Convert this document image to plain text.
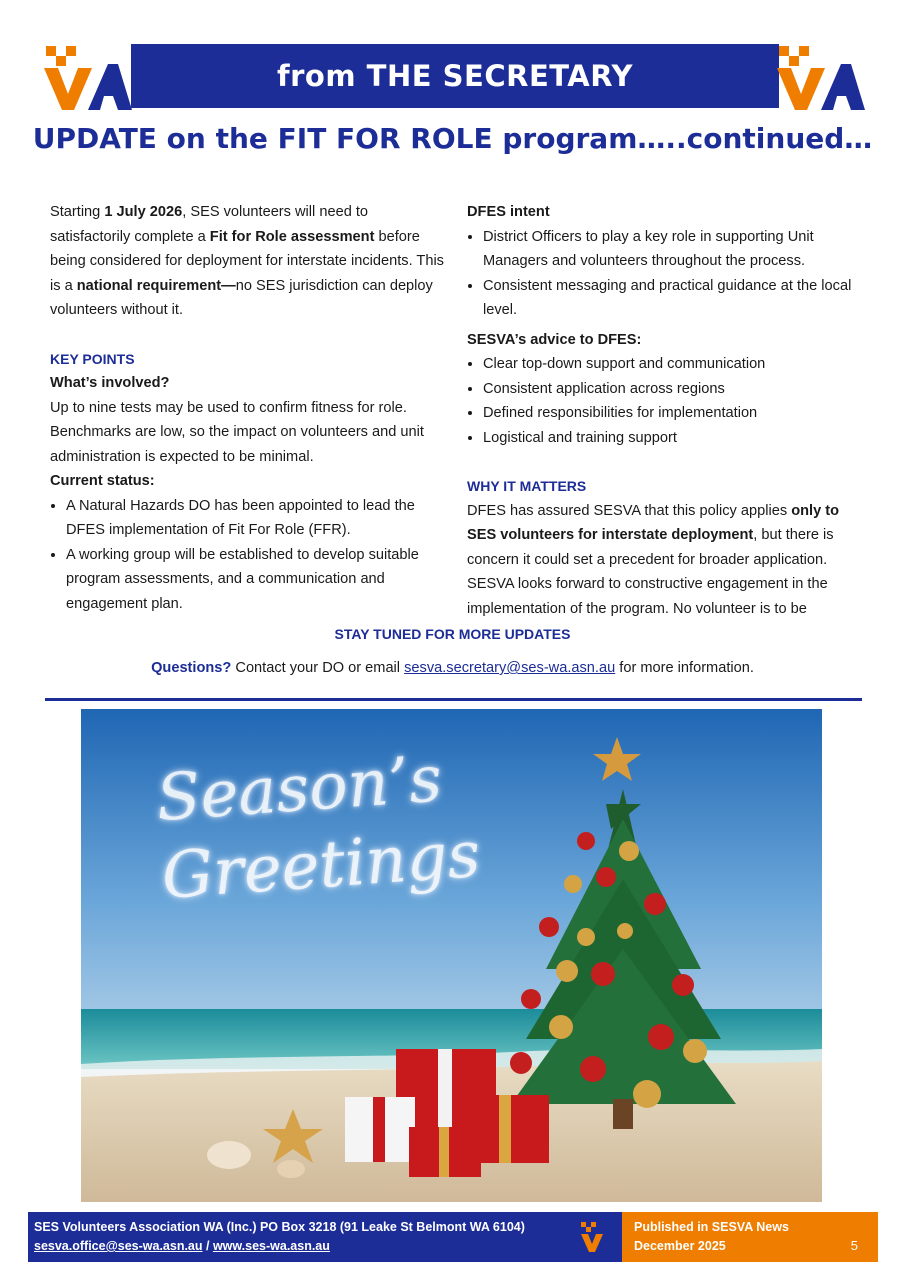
from THE SECRETARY
UPDATE on the FIT FOR ROLE program…..continued…

Starting 1 July 2026, SES volunteers will need to satisfactorily complete a Fit for Role assessment before being considered for deployment for interstate incidents. This is a national requirement—no SES jurisdiction can deploy volunteers without it.

KEY POINTS

What’s involved?

Up to nine tests may be used to confirm fitness for role. Benchmarks are low, so the impact on volunteers and unit administration is expected to be minimal.

Current status:

• A Natural Hazards DO has been appointed to lead the DFES implementation of Fit For Role (FFR).
• A working group will be established to develop suitable program assessments, and a communication and engagement plan.

DFES intent

• District Officers to play a key role in supporting Unit Managers and volunteers throughout the process.
• Consistent messaging and practical guidance at the local level.

SESVA’s advice to DFES:

• Clear top-down support and communication
• Consistent application across regions
• Defined responsibilities for implementation
• Logistical and training support

WHY IT MATTERS

DFES has assured SESVA that this policy applies only to SES volunteers for interstate deployment, but there is concern it could set a precedent for broader application. SESVA looks forward to constructive engagement in the implementation of the program. No volunteer is to be

STAY TUNED FOR MORE UPDATES
Questions? Contact your DO or email sesva.secretary@ses-wa.asn.au for more information.
Season’s
Greetings
SES Volunteers Association WA (Inc.) PO Box 3218 (91 Leake St Belmont WA 6104)
sesva.office@ses-wa.asn.au / www.ses-wa.asn.au
Published in SESVA News
December 2025	5
